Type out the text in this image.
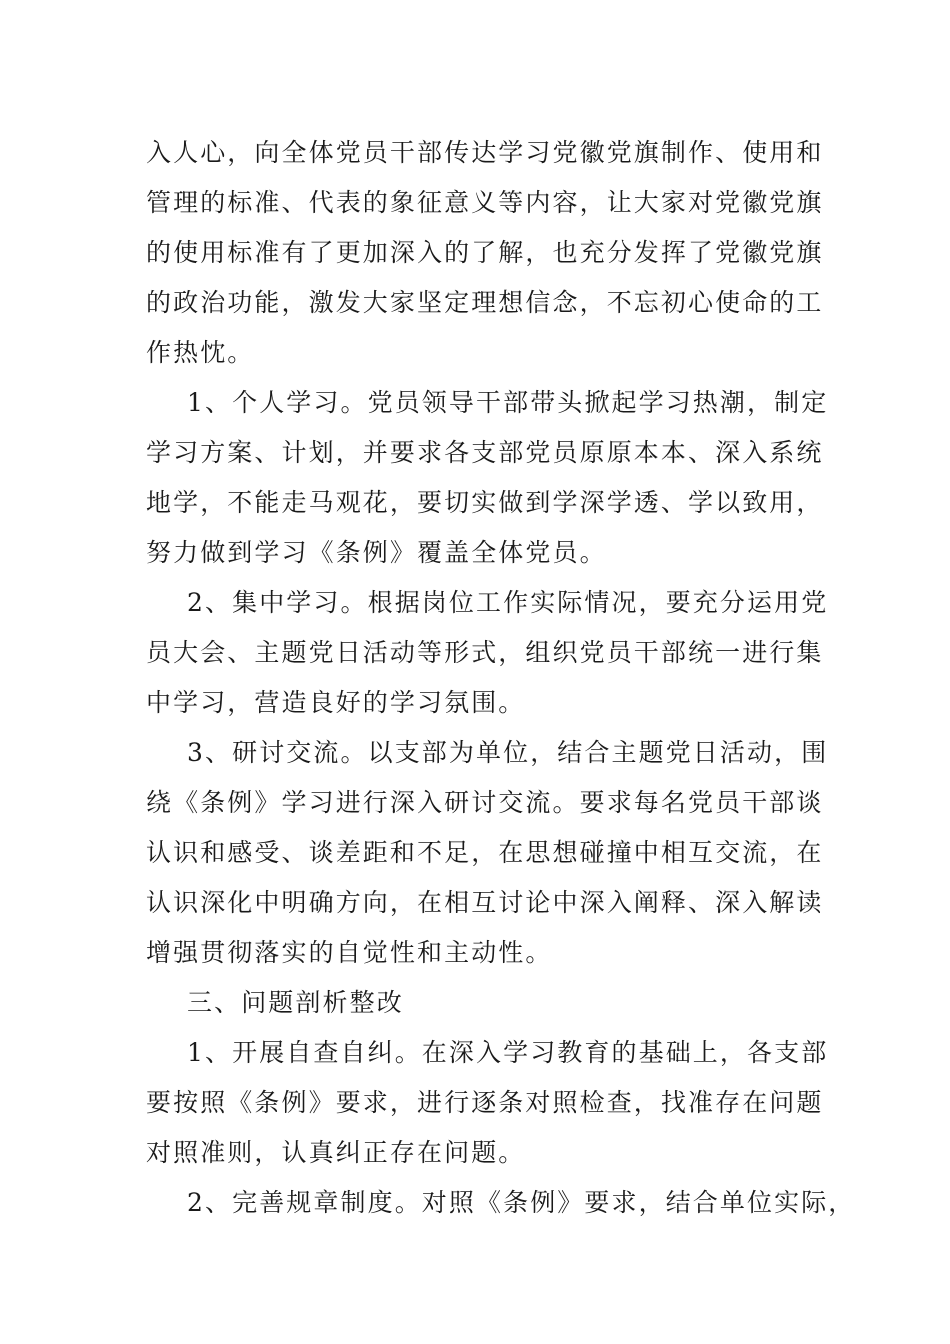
入人心，向全体党员干部传达学习党徽党旗制作、使用和
管理的标准、代表的象征意义等内容，让大家对党徽党旗
的使用标准有了更加深入的了解，也充分发挥了党徽党旗
的政治功能，激发大家坚定理想信念，不忘初心使命的工
作热忱。
1、个人学习。党员领导干部带头掀起学习热潮，制定
学习方案、计划，并要求各支部党员原原本本、深入系统
地学，不能走马观花，要切实做到学深学透、学以致用，
努力做到学习《条例》覆盖全体党员。
2、集中学习。根据岗位工作实际情况，要充分运用党
员大会、主题党日活动等形式，组织党员干部统一进行集
中学习，营造良好的学习氛围。
3、研讨交流。以支部为单位，结合主题党日活动，围
绕《条例》学习进行深入研讨交流。要求每名党员干部谈
认识和感受、谈差距和不足，在思想碰撞中相互交流，在
认识深化中明确方向，在相互讨论中深入阐释、深入解读
增强贯彻落实的自觉性和主动性。
三、问题剖析整改
1、开展自查自纠。在深入学习教育的基础上，各支部
要按照《条例》要求，进行逐条对照检查，找准存在问题
对照准则，认真纠正存在问题。
2、完善规章制度。对照《条例》要求，结合单位实际，
